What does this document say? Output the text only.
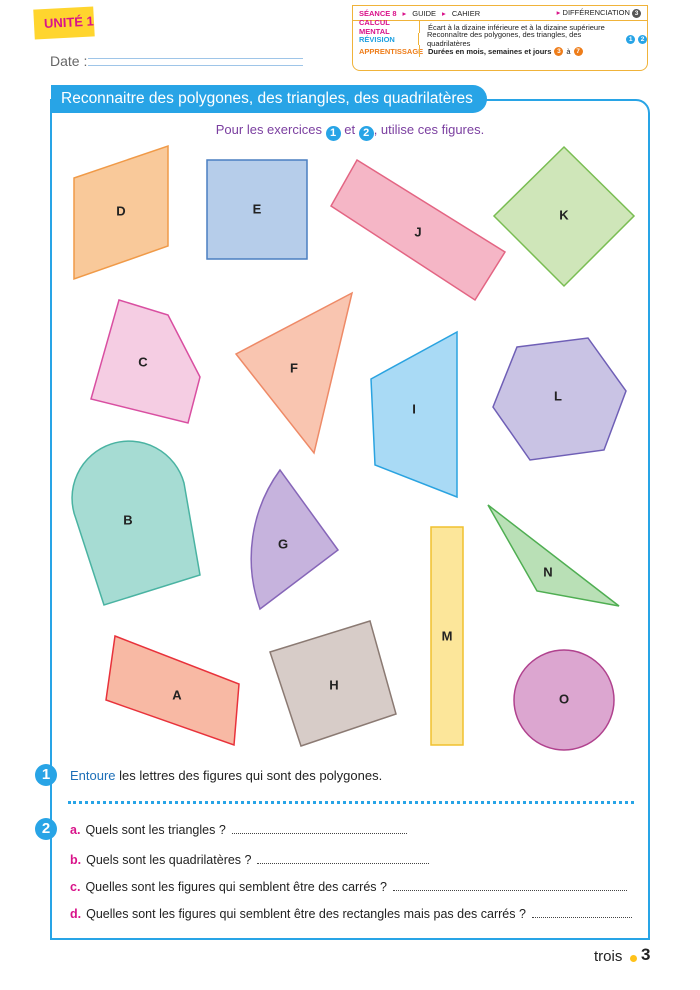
UNITÉ 1
Date :
SÉANCE 8 ▸ GUIDE ▸ CAHIER	▸ DIFFÉRENCIATION 3
CALCUL MENTAL	Écart à la dizaine inférieure et à la dizaine supérieure
RÉVISION	Reconnaître des polygones, des triangles, des quadrilatères	1	2
APPRENTISSAGE Durées en mois, semaines et jours 3 à 7
Reconnaitre des polygones, des triangles, des quadrilatères
Pour les exercices 1 et 2 , utilise ces figures.
D	E
J
K
C	F
I
L
B
G
M
N
A
H
O
1	Entoure les lettres des figures qui sont des polygones.
2	a. Quels sont les triangles ?
b. Quels sont les quadrilatères ?
c. Quelles sont les figures qui semblent être des carrés ?
d. Quelles sont les figures qui semblent être des rectangles mais pas des carrés ?
trois 3
